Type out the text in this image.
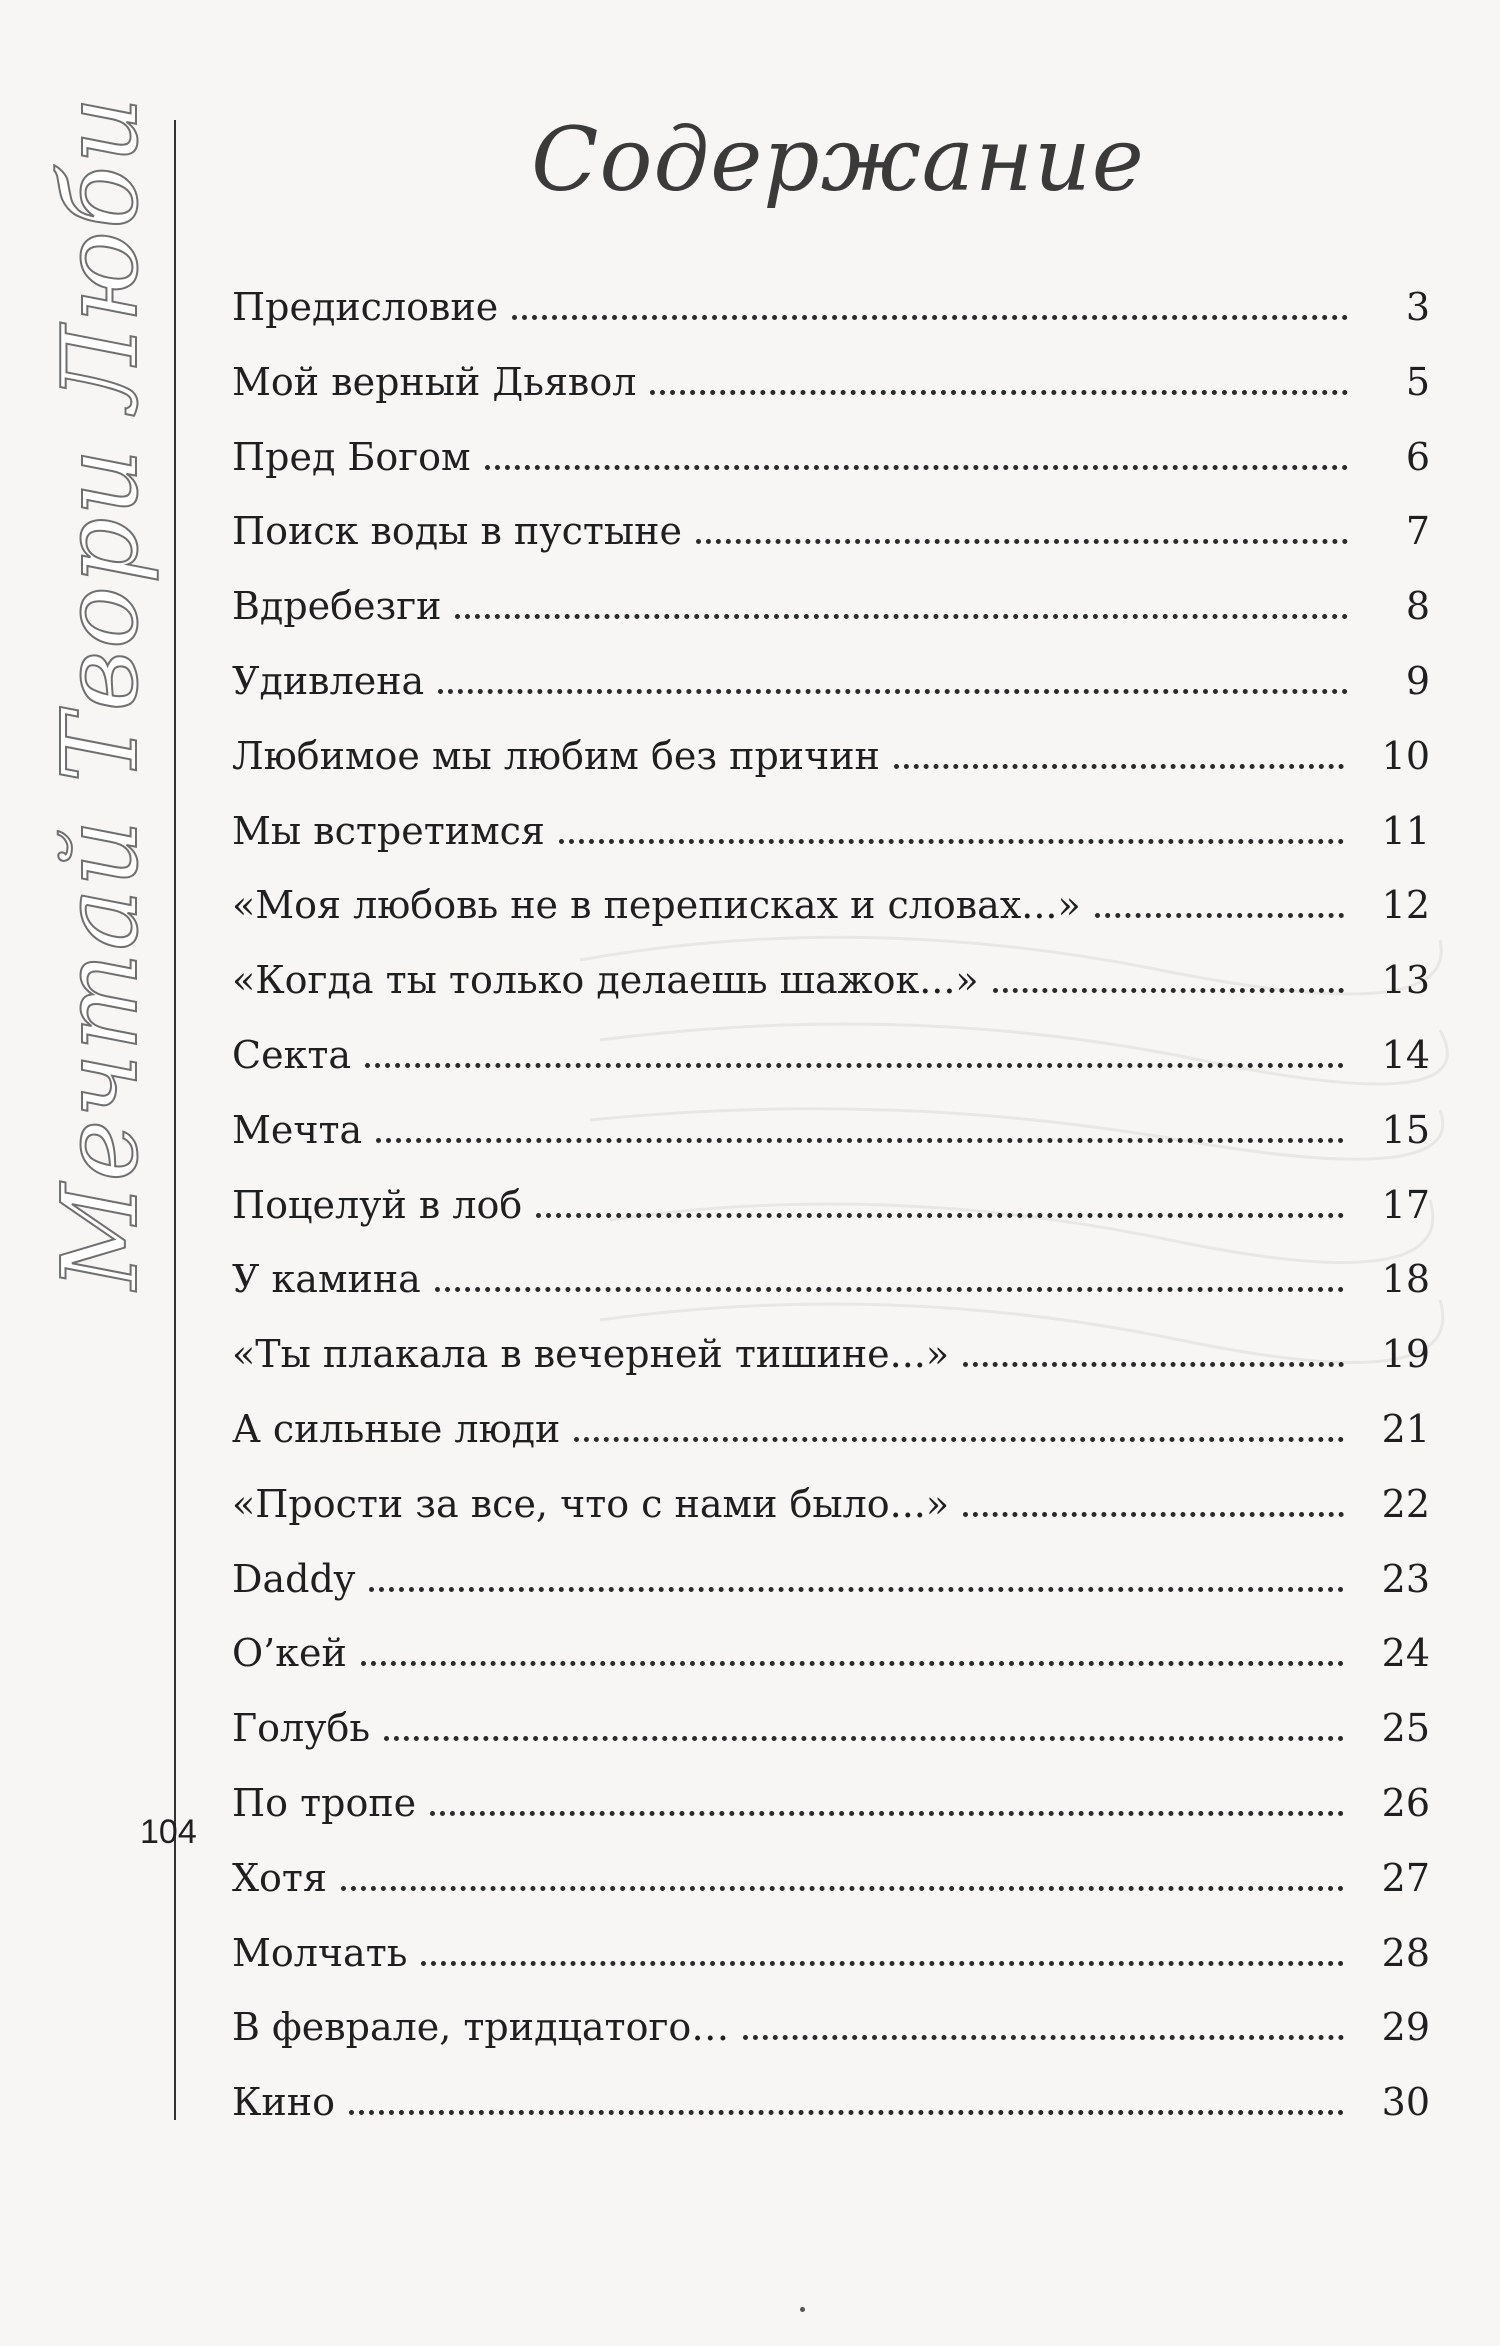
Мечтай Твори Люби	Содержание
104
Предисловие	3
Мой верный Дьявол	5
Пред Богом	6
Поиск воды в пустыне	7
Вдребезги	8
Удивлена	9
Любимое мы любим без причин	10
Мы встретимся	11
«Моя любовь не в переписках и словах...»	12
«Когда ты только делаешь шажок...»	13
Секта	14
Мечта	15
Поцелуй в лоб	17
У камина	18
«Ты плакала в вечерней тишине...»	19
А сильные люди	21
«Прости за все, что с нами было...»	22
Daddy	23
О’кей	24
Голубь	25
По тропе	26
Хотя	27
Молчать	28
В феврале, тридцатого…	29
Кино	30
